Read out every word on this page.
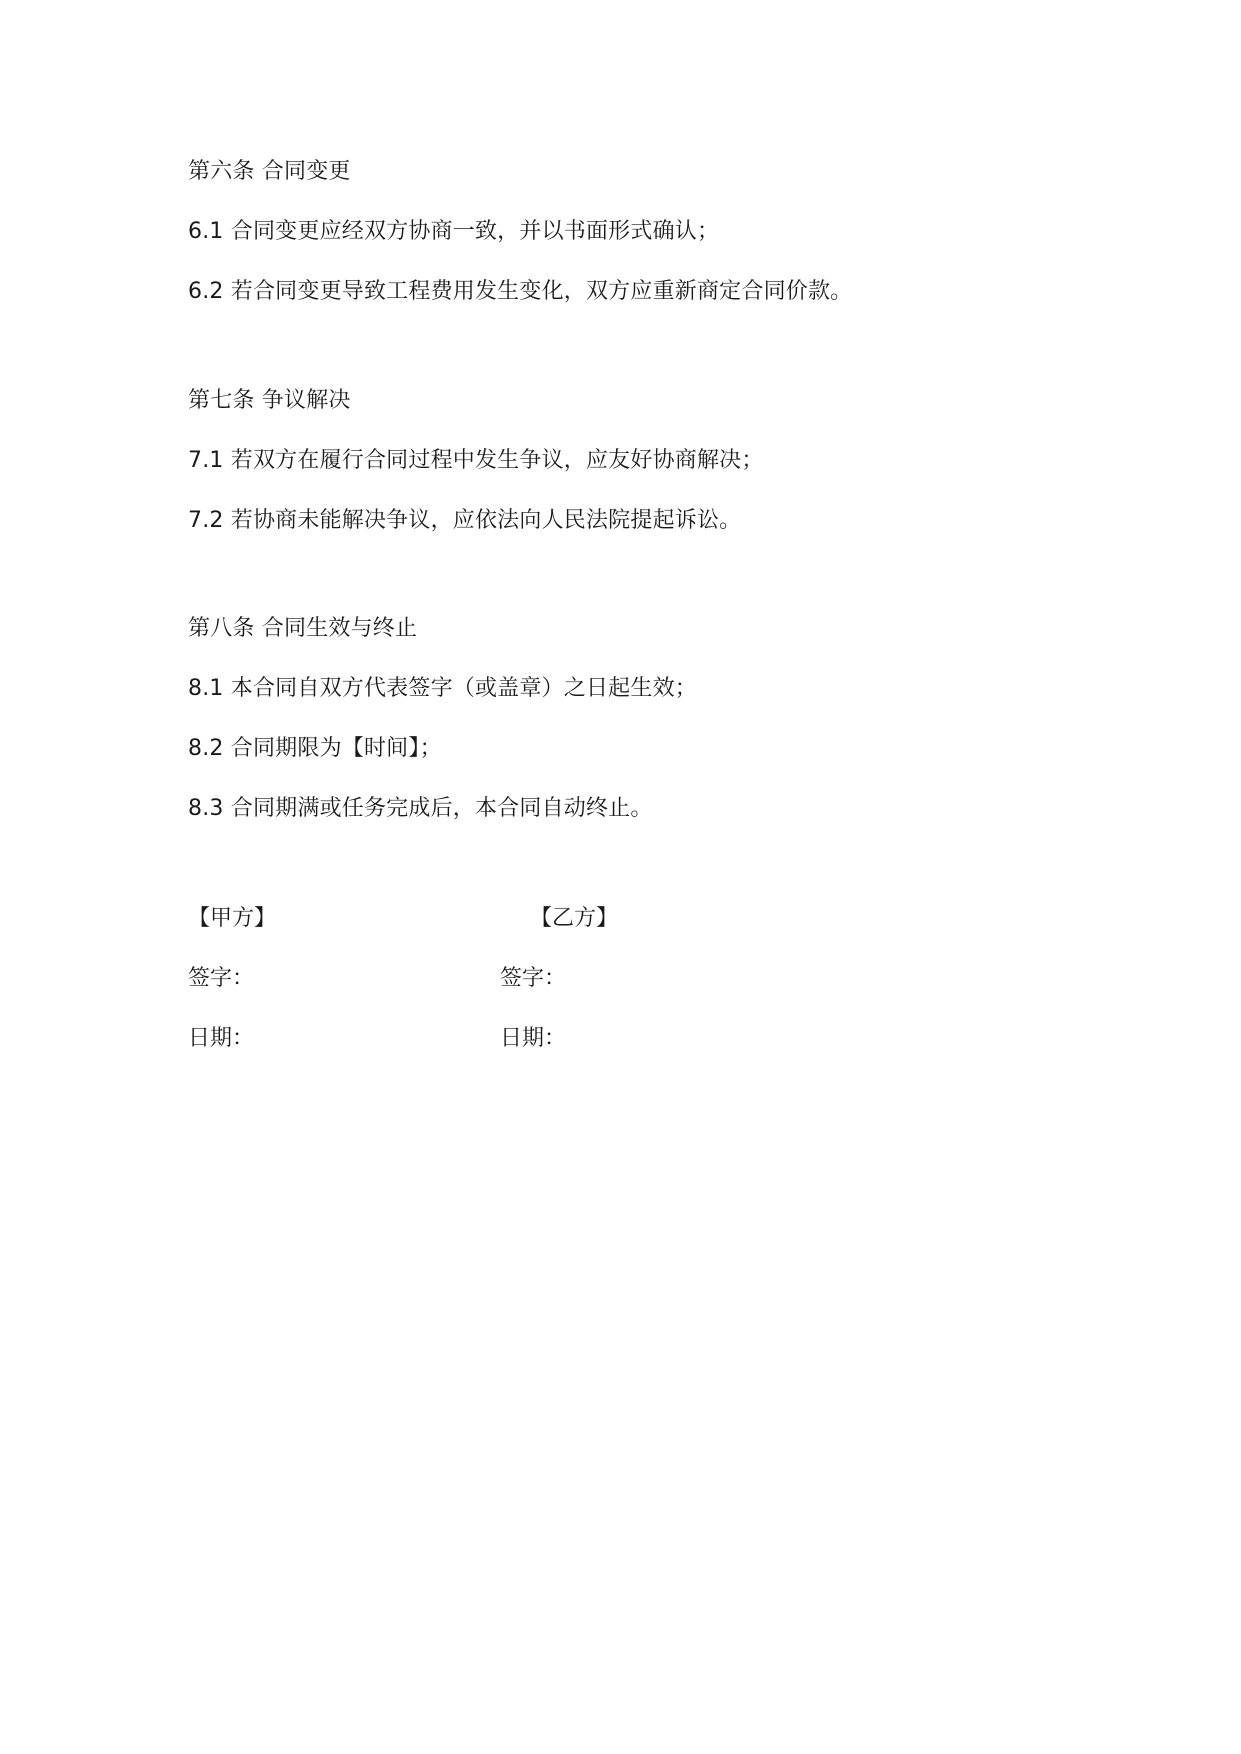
第六条 合同变更
6.1 合同变更应经双方协商一致，并以书面形式确认；
6.2 若合同变更导致工程费用发生变化，双方应重新商定合同价款。
第七条 争议解决
7.1 若双方在履行合同过程中发生争议，应友好协商解决；
7.2 若协商未能解决争议，应依法向人民法院提起诉讼。
第八条 合同生效与终止
8.1 本合同自双方代表签字（或盖章）之日起生效；
8.2 合同期限为【时间】；
8.3 合同期满或任务完成后，本合同自动终止。
【甲方】	【乙方】
签字：	签字：
日期：	日期：
